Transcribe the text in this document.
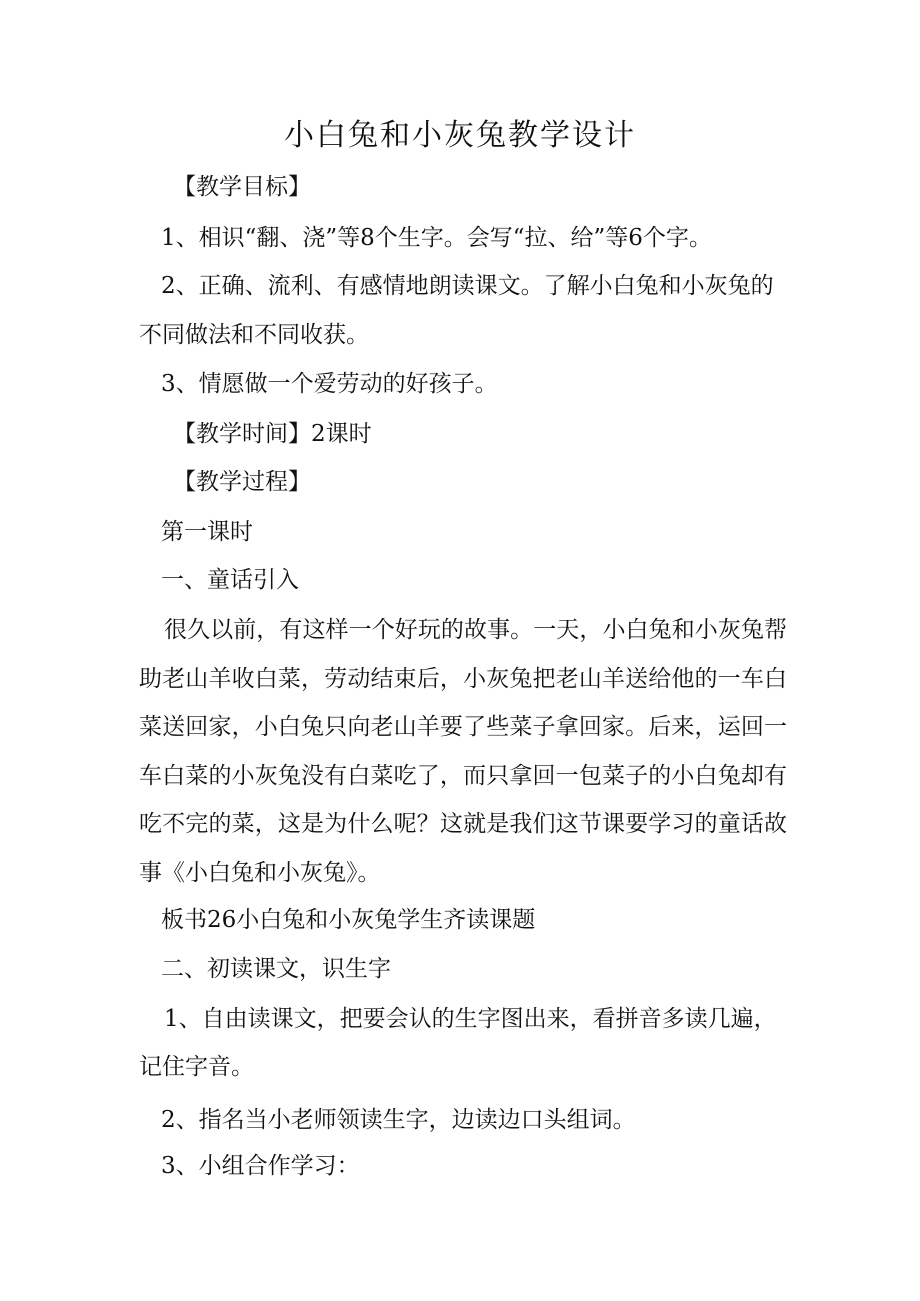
小白兔和小灰兔教学设计
【教学目标】
1、相识“翻、浇”等8个生字。会写“拉、给”等6个字。
2、正确、流利、有感情地朗读课文。了解小白兔和小灰兔的
不同做法和不同收获。
3、情愿做一个爱劳动的好孩子。
【教学时间】2课时
【教学过程】
第一课时
一、童话引入
很久以前，有这样一个好玩的故事。一天，小白兔和小灰兔帮助老山羊收白菜，劳动结束后，小灰兔把老山羊送给他的一车白菜送回家，小白兔只向老山羊要了些菜子拿回家。后来，运回一车白菜的小灰兔没有白菜吃了，而只拿回一包菜子的小白兔却有吃不完的菜，这是为什么呢？这就是我们这节课要学习的童话故事《小白兔和小灰兔》。
板书26小白兔和小灰兔学生齐读课题
二、初读课文，识生字
1、自由读课文，把要会认的生字图出来，看拼音多读几遍，记住字音。
2、指名当小老师领读生字，边读边口头组词。
3、小组合作学习：
